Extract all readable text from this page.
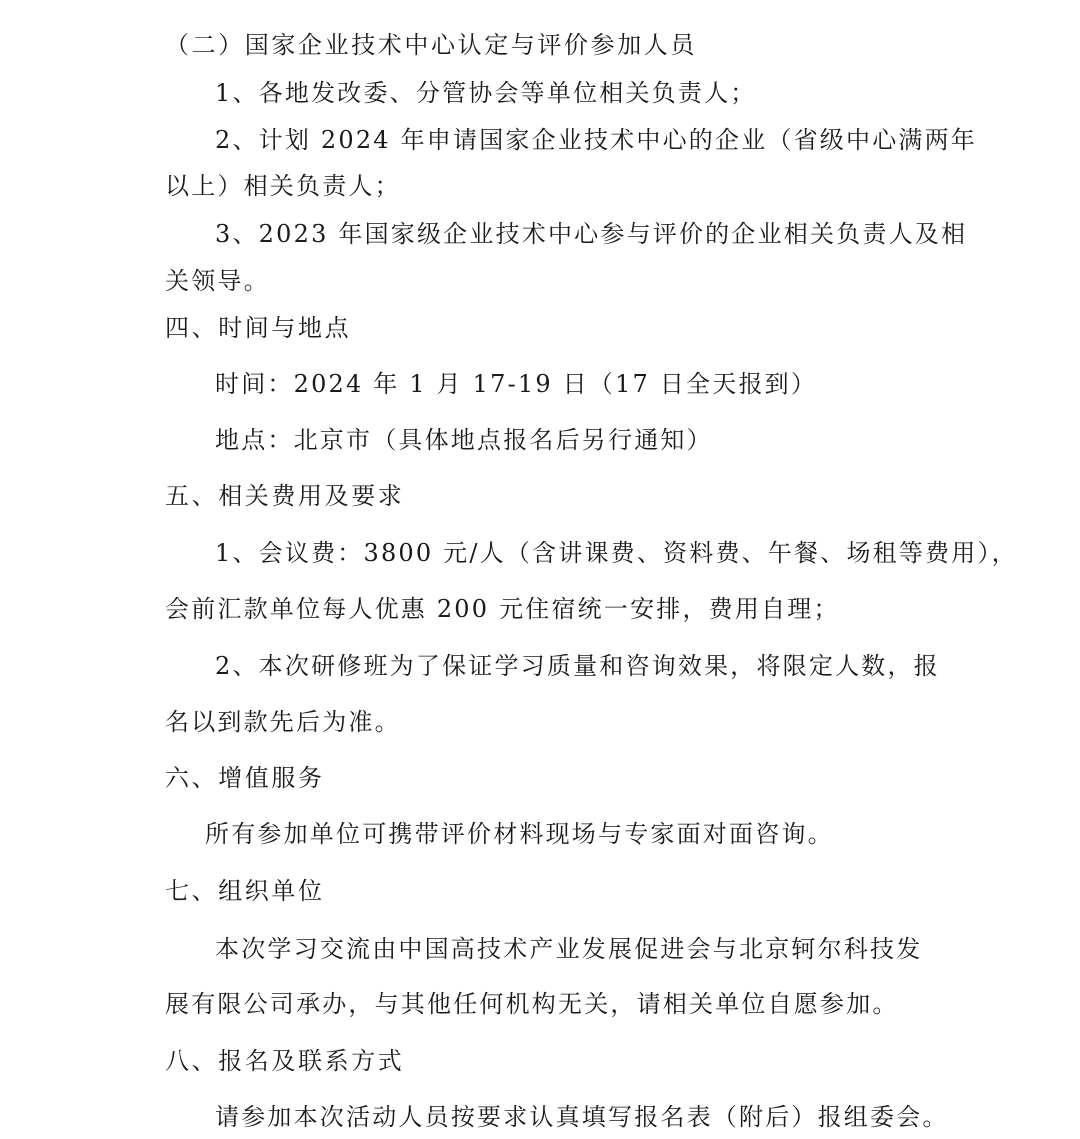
（二）国家企业技术中心认定与评价参加人员
1、各地发改委、分管协会等单位相关负责人；
2、计划 2024 年申请国家企业技术中心的企业（省级中心满两年
以上）相关负责人；
3、2023 年国家级企业技术中心参与评价的企业相关负责人及相
关领导。
四、时间与地点
时间：2024 年 1 月 17-19 日（17 日全天报到）
地点：北京市（具体地点报名后另行通知）
五、相关费用及要求
1、会议费：3800 元/人（含讲课费、资料费、午餐、场租等费用），
会前汇款单位每人优惠 200 元住宿统一安排，费用自理；
2、本次研修班为了保证学习质量和咨询效果，将限定人数，报
名以到款先后为准。
六、增值服务
所有参加单位可携带评价材料现场与专家面对面咨询。
七、组织单位
本次学习交流由中国高技术产业发展促进会与北京轲尔科技发
展有限公司承办，与其他任何机构无关，请相关单位自愿参加。
八、报名及联系方式
请参加本次活动人员按要求认真填写报名表（附后）报组委会。
